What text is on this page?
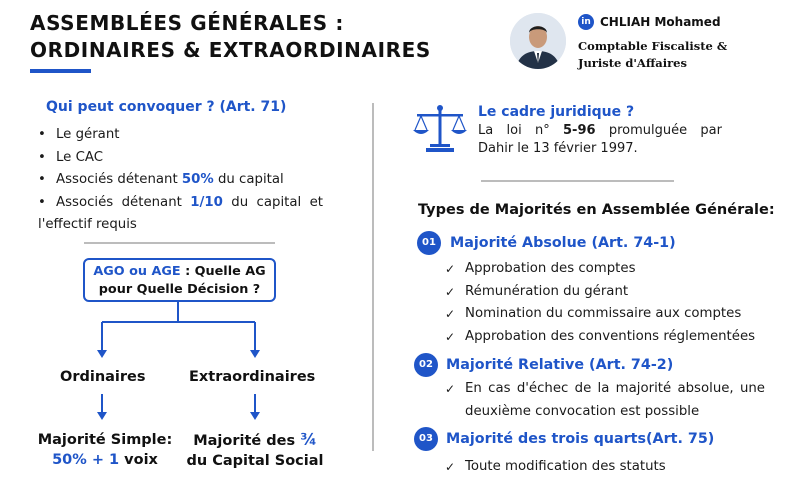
ASSEMBLÉES GÉNÉRALES :
ORDINAIRES & EXTRAORDINAIRES
in CHLIAH Mohamed
Comptable Fiscaliste &
Juriste d'Affaires
Qui peut convoquer ? (Art. 71)
• Le gérant
• Le CAC
• Associés détenant 50% du capital
• Associés détenant 1/10 du capital et
l'effectif requis
AGO ou AGE : Quelle AG
pour Quelle Décision ?
Ordinaires	Extraordinaires
Majorité Simple:
50% + 1 voix
Majorité des ¾
du Capital Social
Le cadre juridique ?
La loi n° 5-96 promulguée par
Dahir le 13 février 1997.
Types de Majorités en Assemblée Générale:
01 Majorité Absolue (Art. 74-1)
✓ Approbation des comptes
✓ Rémunération du gérant
✓ Nomination du commissaire aux comptes
✓ Approbation des conventions réglementées
02 Majorité Relative (Art. 74-2)
✓ En cas d'échec de la majorité absolue, une
deuxième convocation est possible
03 Majorité des trois quarts(Art. 75)
✓ Toute modification des statuts
